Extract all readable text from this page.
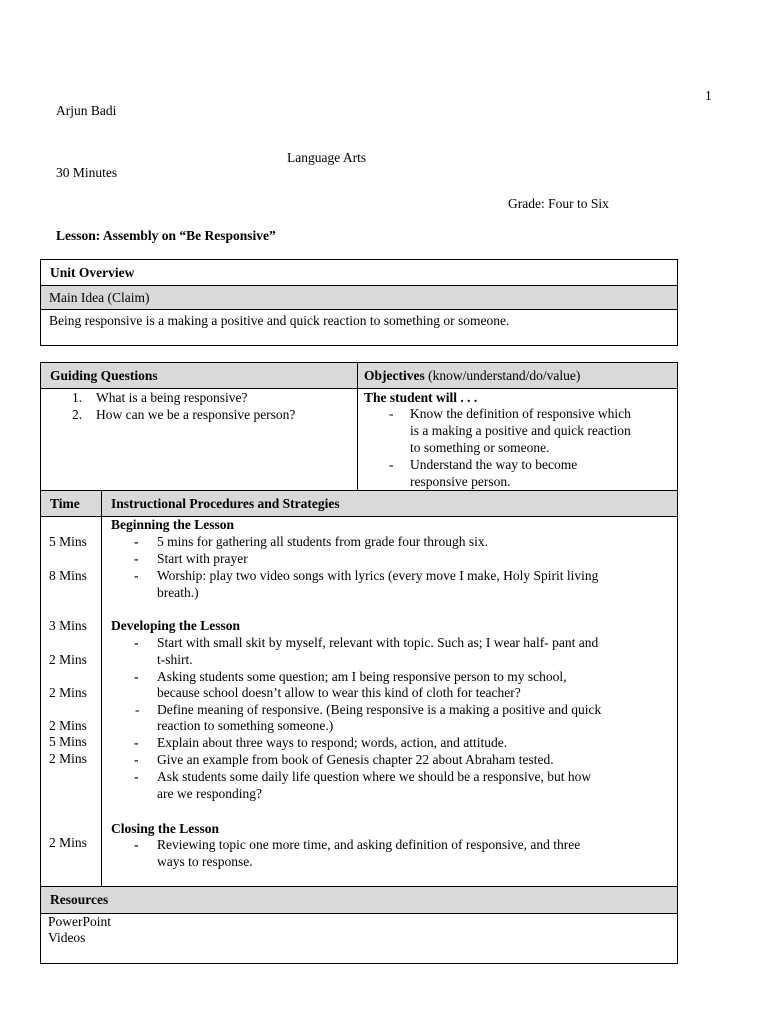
1
Arjun Badi
Language Arts
30 Minutes
Grade: Four to Six
Lesson: Assembly on “Be Responsive”
Unit Overview
Main Idea (Claim)
Being responsive is a making a positive and quick reaction to something or someone.
Guiding Questions	Objectives (know/understand/do/value)
1. What is a being responsive?
2. How can we be a responsive person?
The student will . . .
- Know the definition of responsive which
is a making a positive and quick reaction
to something or someone.
- Understand the way to become
responsive person.
Time Instructional Procedures and Strategies
5 Mins
8 Mins
3 Mins
2 Mins
2 Mins
2 Mins
5 Mins
2 Mins
2 Mins
Beginning the Lesson
- 5 mins for gathering all students from grade four through six.
- Start with prayer
- Worship: play two video songs with lyrics (every move I make, Holy Spirit living
breath.)
Developing the Lesson
- Start with small skit by myself, relevant with topic. Such as; I wear half- pant and
t-shirt.
- Asking students some question; am I being responsive person to my school,
because school doesn’t allow to wear this kind of cloth for teacher?
- Define meaning of responsive. (Being responsive is a making a positive and quick
reaction to something someone.)
- Explain about three ways to respond; words, action, and attitude.
- Give an example from book of Genesis chapter 22 about Abraham tested.
- Ask students some daily life question where we should be a responsive, but how
are we responding?
Closing the Lesson
- Reviewing topic one more time, and asking definition of responsive, and three
ways to response.
Resources
PowerPoint
Videos
